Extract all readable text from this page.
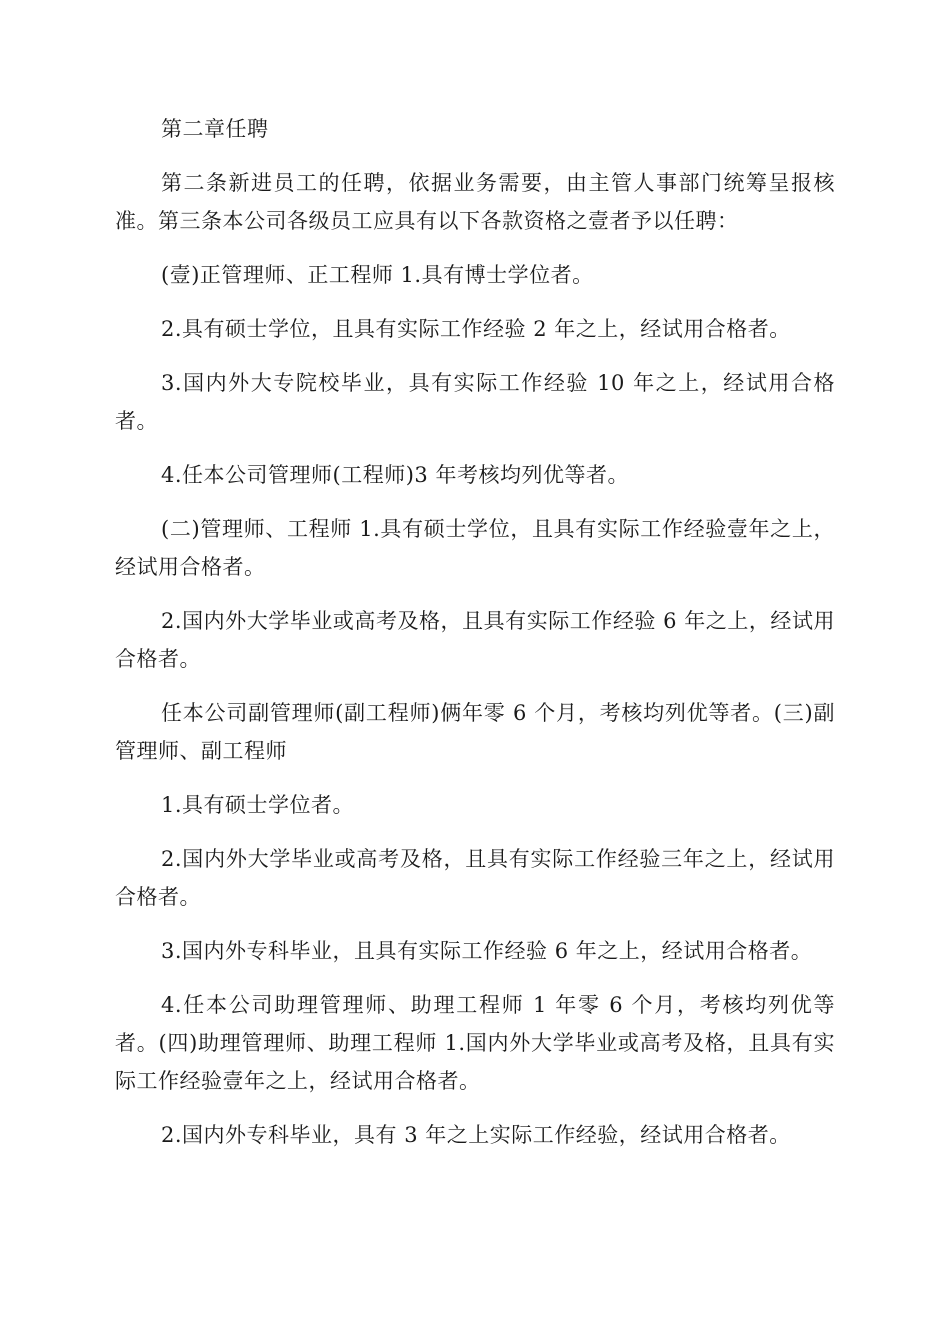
第二章任聘

第二条新进员工的任聘，依据业务需要，由主管人事部门统筹呈报核准。第三条本公司各级员工应具有以下各款资格之壹者予以任聘：

(壹)正管理师、正工程师 1.具有博士学位者。

2.具有硕士学位，且具有实际工作经验 2 年之上，经试用合格者。

3.国内外大专院校毕业，具有实际工作经验 10 年之上，经试用合格者。

4.任本公司管理师(工程师)3 年考核均列优等者。

(二)管理师、工程师 1.具有硕士学位，且具有实际工作经验壹年之上，经试用合格者。

2.国内外大学毕业或高考及格，且具有实际工作经验 6 年之上，经试用合格者。

任本公司副管理师(副工程师)俩年零 6 个月，考核均列优等者。(三)副管理师、副工程师

1.具有硕士学位者。

2.国内外大学毕业或高考及格，且具有实际工作经验三年之上，经试用合格者。

3.国内外专科毕业，且具有实际工作经验 6 年之上，经试用合格者。

4.任本公司助理管理师、助理工程师 1 年零 6 个月，考核均列优等者。(四)助理管理师、助理工程师 1.国内外大学毕业或高考及格，且具有实际工作经验壹年之上，经试用合格者。

2.国内外专科毕业，具有 3 年之上实际工作经验，经试用合格者。
